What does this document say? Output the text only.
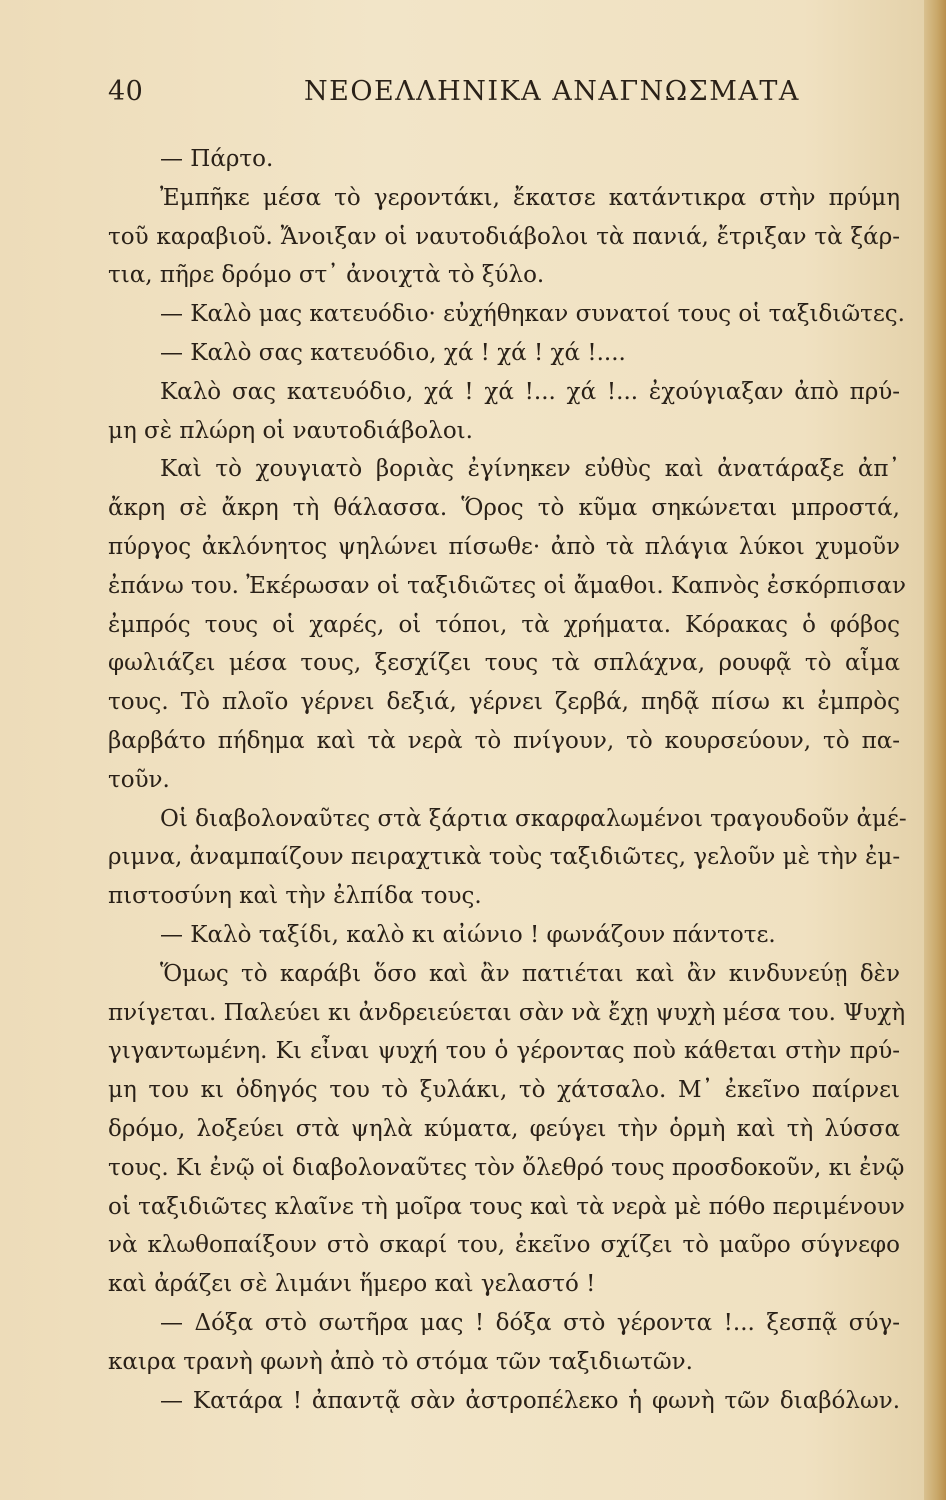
40	ΝΕΟΕΛΛΗΝΙΚΑ ΑΝΑΓΝΩΣΜΑΤΑ
— Πάρτο.
Ἐμπῆκε μέσα τὸ γεροντάκι, ἔκατσε κατάντικρα στὴν πρύμη
τοῦ καραβιοῦ. Ἄνοιξαν οἱ ναυτοδιάβολοι τὰ πανιά, ἔτριξαν τὰ ξάρ-
τια, πῆρε δρόμο στ᾽ ἀνοιχτὰ τὸ ξύλο.
— Καλὸ μας κατευόδιο· εὐχήθηκαν συνατοί τους οἱ ταξιδιῶτες.
— Καλὸ σας κατευόδιο, χά ! χά ! χά !....
Καλὸ σας κατευόδιο, χά ! χά !... χά !... ἐχούγιαξαν ἀπὸ πρύ-
μη σὲ πλώρη οἱ ναυτοδιάβολοι.
Καὶ τὸ χουγιατὸ βοριὰς ἐγίνηκεν εὐθὺς καὶ ἀνατάραξε ἀπ᾽
ἄκρη σὲ ἄκρη τὴ θάλασσα. Ὅρος τὸ κῦμα σηκώνεται μπροστά,
πύργος ἀκλόνητος ψηλώνει πίσωθε· ἀπὸ τὰ πλάγια λύκοι χυμοῦν
ἐπάνω του. Ἐκέρωσαν οἱ ταξιδιῶτες οἱ ἄμαθοι. Καπνὸς ἐσκόρπισαν
ἐμπρός τους οἱ χαρές, οἱ τόποι, τὰ χρήματα. Κόρακας ὁ φόβος
φωλιάζει μέσα τους, ξεσχίζει τους τὰ σπλάχνα, ρουφᾷ τὸ αἷμα
τους. Τὸ πλοῖο γέρνει δεξιά, γέρνει ζερβά, πηδᾷ πίσω κι ἐμπρὸς
βαρβάτο πήδημα καὶ τὰ νερὰ τὸ πνίγουν, τὸ κουρσεύουν, τὸ πα-
τοῦν.
Οἱ διαβολοναῦτες στὰ ξάρτια σκαρφαλωμένοι τραγουδοῦν ἀμέ-
ριμνα, ἀναμπαίζουν πειραχτικὰ τοὺς ταξιδιῶτες, γελοῦν μὲ τὴν ἐμ-
πιστοσύνη καὶ τὴν ἐλπίδα τους.
— Καλὸ ταξίδι, καλὸ κι αἰώνιο ! φωνάζουν πάντοτε.
Ὅμως τὸ καράβι ὅσο καὶ ἂν πατιέται καὶ ἂν κινδυνεύῃ δὲν
πνίγεται. Παλεύει κι ἀνδρειεύεται σὰν νὰ ἔχῃ ψυχὴ μέσα του. Ψυχὴ
γιγαντωμένη. Κι εἶναι ψυχή του ὁ γέροντας ποὺ κάθεται στὴν πρύ-
μη του κι ὁδηγός του τὸ ξυλάκι, τὸ χάτσαλο. Μ᾽ ἐκεῖνο παίρνει
δρόμο, λοξεύει στὰ ψηλὰ κύματα, φεύγει τὴν ὁρμὴ καὶ τὴ λύσσα
τους. Κι ἐνῷ οἱ διαβολοναῦτες τὸν ὄλεθρό τους προσδοκοῦν, κι ἐνῷ
οἱ ταξιδιῶτες κλαῖνε τὴ μοῖρα τους καὶ τὰ νερὰ μὲ πόθο περιμένουν
νὰ κλωθοπαίξουν στὸ σκαρί του, ἐκεῖνο σχίζει τὸ μαῦρο σύγνεφο
καὶ ἀράζει σὲ λιμάνι ἥμερο καὶ γελαστό !
— Δόξα στὸ σωτῆρα μας ! δόξα στὸ γέροντα !... ξεσπᾷ σύγ-
καιρα τρανὴ φωνὴ ἀπὸ τὸ στόμα τῶν ταξιδιωτῶν.
— Κατάρα ! ἀπαντᾷ σὰν ἀστροπέλεκο ἡ φωνὴ τῶν διαβόλων.
